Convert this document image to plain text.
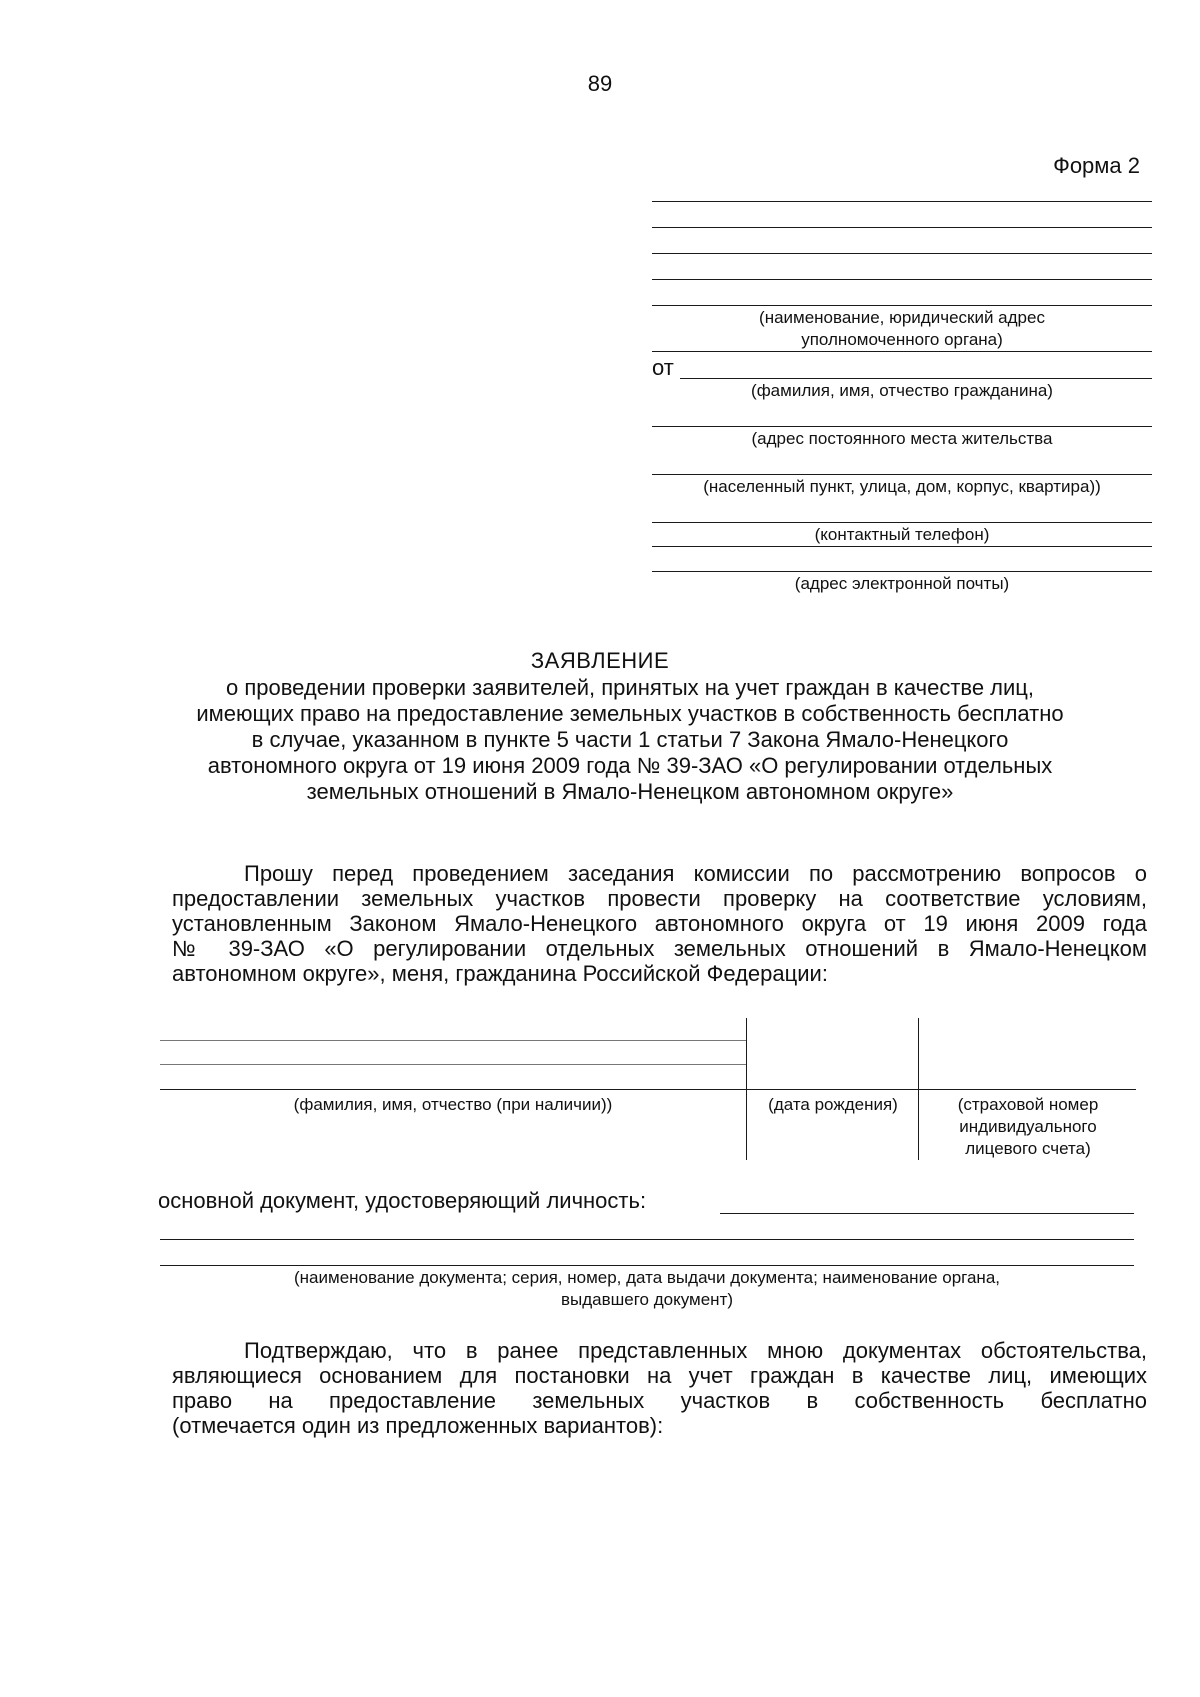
89
Форма 2
(наименование, юридический адрес
уполномоченного органа)
от
(фамилия, имя, отчество гражданина)
(адрес постоянного места жительства
(населенный пункт, улица, дом, корпус, квартира))
(контактный телефон)
(адрес электронной почты)
ЗАЯВЛЕНИЕ
о проведении проверки заявителей, принятых на учет граждан в качестве лиц,
имеющих право на предоставление земельных участков в собственность бесплатно
в случае, указанном в пункте 5 части 1 статьи 7 Закона Ямало-Ненецкого
автономного округа от 19 июня 2009 года № 39-ЗАО «О регулировании отдельных
земельных отношений в Ямало-Ненецком автономном округе»
Прошу перед проведением заседания комиссии по рассмотрению вопросов о
предоставлении земельных участков провести проверку на соответствие условиям,
установленным Законом Ямало-Ненецкого автономного округа от 19 июня 2009 года
№ 39-ЗАО «О регулировании отдельных земельных отношений в Ямало-Ненецком
автономном округе», меня, гражданина Российской Федерации:
(фамилия, имя, отчество (при наличии))	(дата рождения)	(страховой номер
индивидуального
лицевого счета)
основной документ, удостоверяющий личность:
(наименование документа; серия, номер, дата выдачи документа; наименование органа,
выдавшего документ)
Подтверждаю, что в ранее представленных мною документах обстоятельства,
являющиеся основанием для постановки на учет граждан в качестве лиц, имеющих
право на предоставление земельных участков в собственность бесплатно
(отмечается один из предложенных вариантов):
